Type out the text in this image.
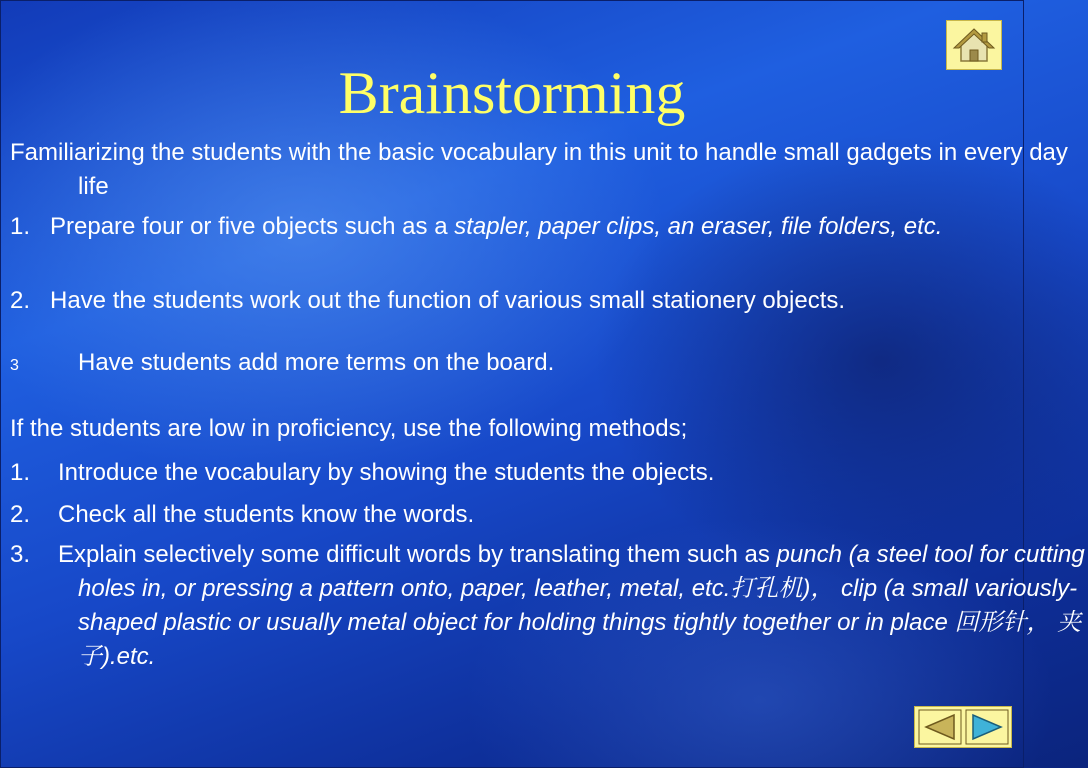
Brainstorming
Familiarizing the students with the basic vocabulary in this unit to handle small gadgets in every day life
1. Prepare four or five objects such as a stapler, paper clips, an eraser, file folders, etc.
2. Have the students work out the function of various small stationery objects.
3 Have students add more terms on the board.
If the students are low in proficiency, use the following methods;
1. Introduce the vocabulary by showing the students the objects.
2. Check all the students know the words.
3. Explain selectively some difficult words by translating them such as punch (a steel tool for cutting holes in, or pressing a pattern onto, paper, leather, metal, etc.打孔机)， clip (a small variously-shaped plastic or usually metal object for holding things tightly together or in place 回形针， 夹子).etc.
